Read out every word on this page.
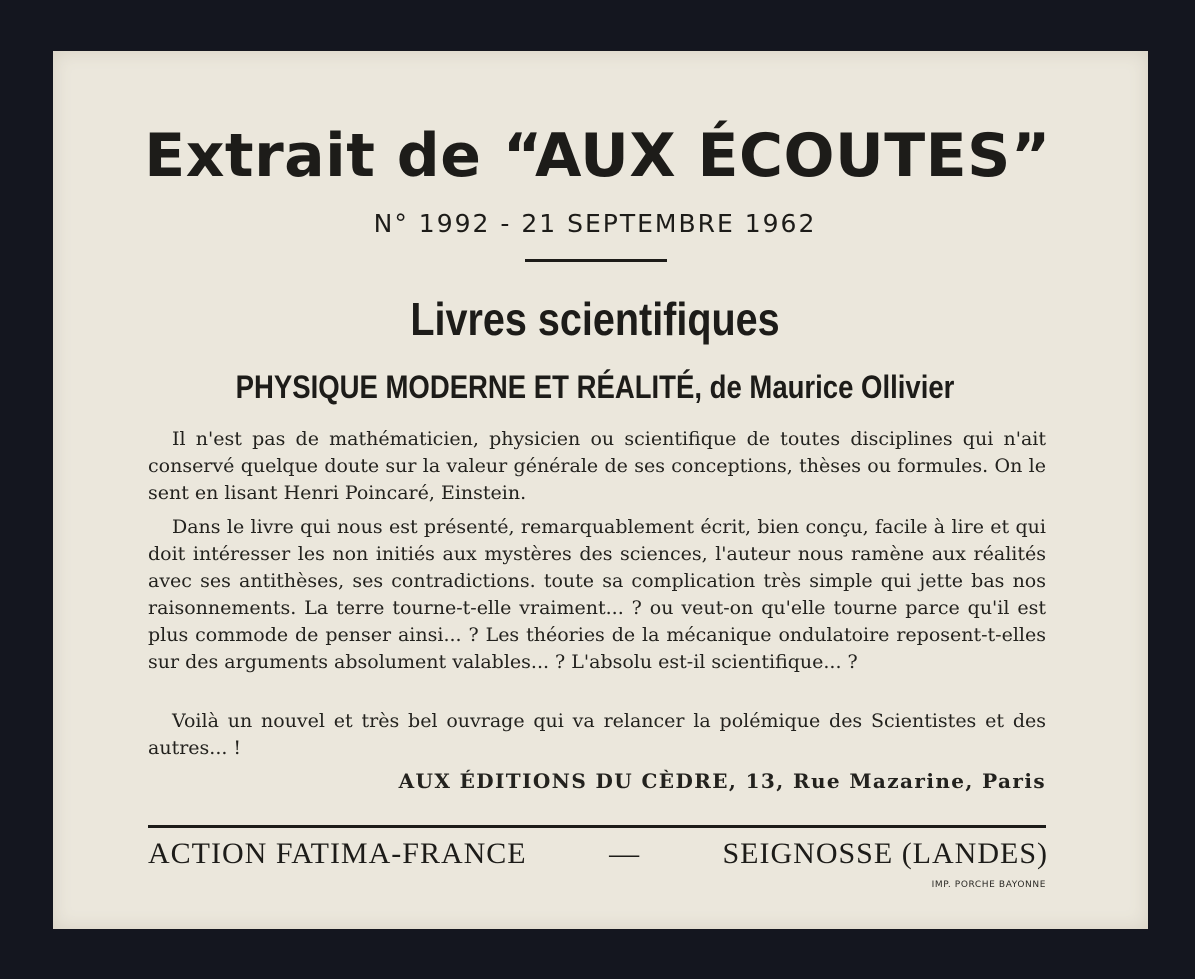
Extrait de “AUX ÉCOUTES”
N° 1992 - 21 SEPTEMBRE 1962
Livres scientifiques
PHYSIQUE MODERNE ET RÉALITÉ, de Maurice Ollivier

Il n'est pas de mathématicien, physicien ou scientifique de toutes disciplines qui n'ait conservé quelque doute sur la valeur générale de ses conceptions, thèses ou formules. On le sent en lisant Henri Poincaré, Einstein.

Dans le livre qui nous est présenté, remarquablement écrit, bien conçu, facile à lire et qui doit intéresser les non initiés aux mystères des sciences, l'auteur nous ramène aux réalités avec ses antithèses, ses contradictions. toute sa complication très simple qui jette bas nos raisonnements. La terre tourne-t-elle vraiment... ? ou veut-on qu'elle tourne parce qu'il est plus commode de penser ainsi... ? Les théories de la mécanique ondulatoire reposent-t-elles sur des arguments absolument valables... ? L'absolu est-il scientifique... ?

Voilà un nouvel et très bel ouvrage qui va relancer la polémique des Scientistes et des autres... !

AUX ÉDITIONS DU CÈDRE, 13, Rue Mazarine, Paris
ACTION FATIMA-FRANCE	—	SEIGNOSSE (LANDES)
IMP. PORCHE BAYONNE
